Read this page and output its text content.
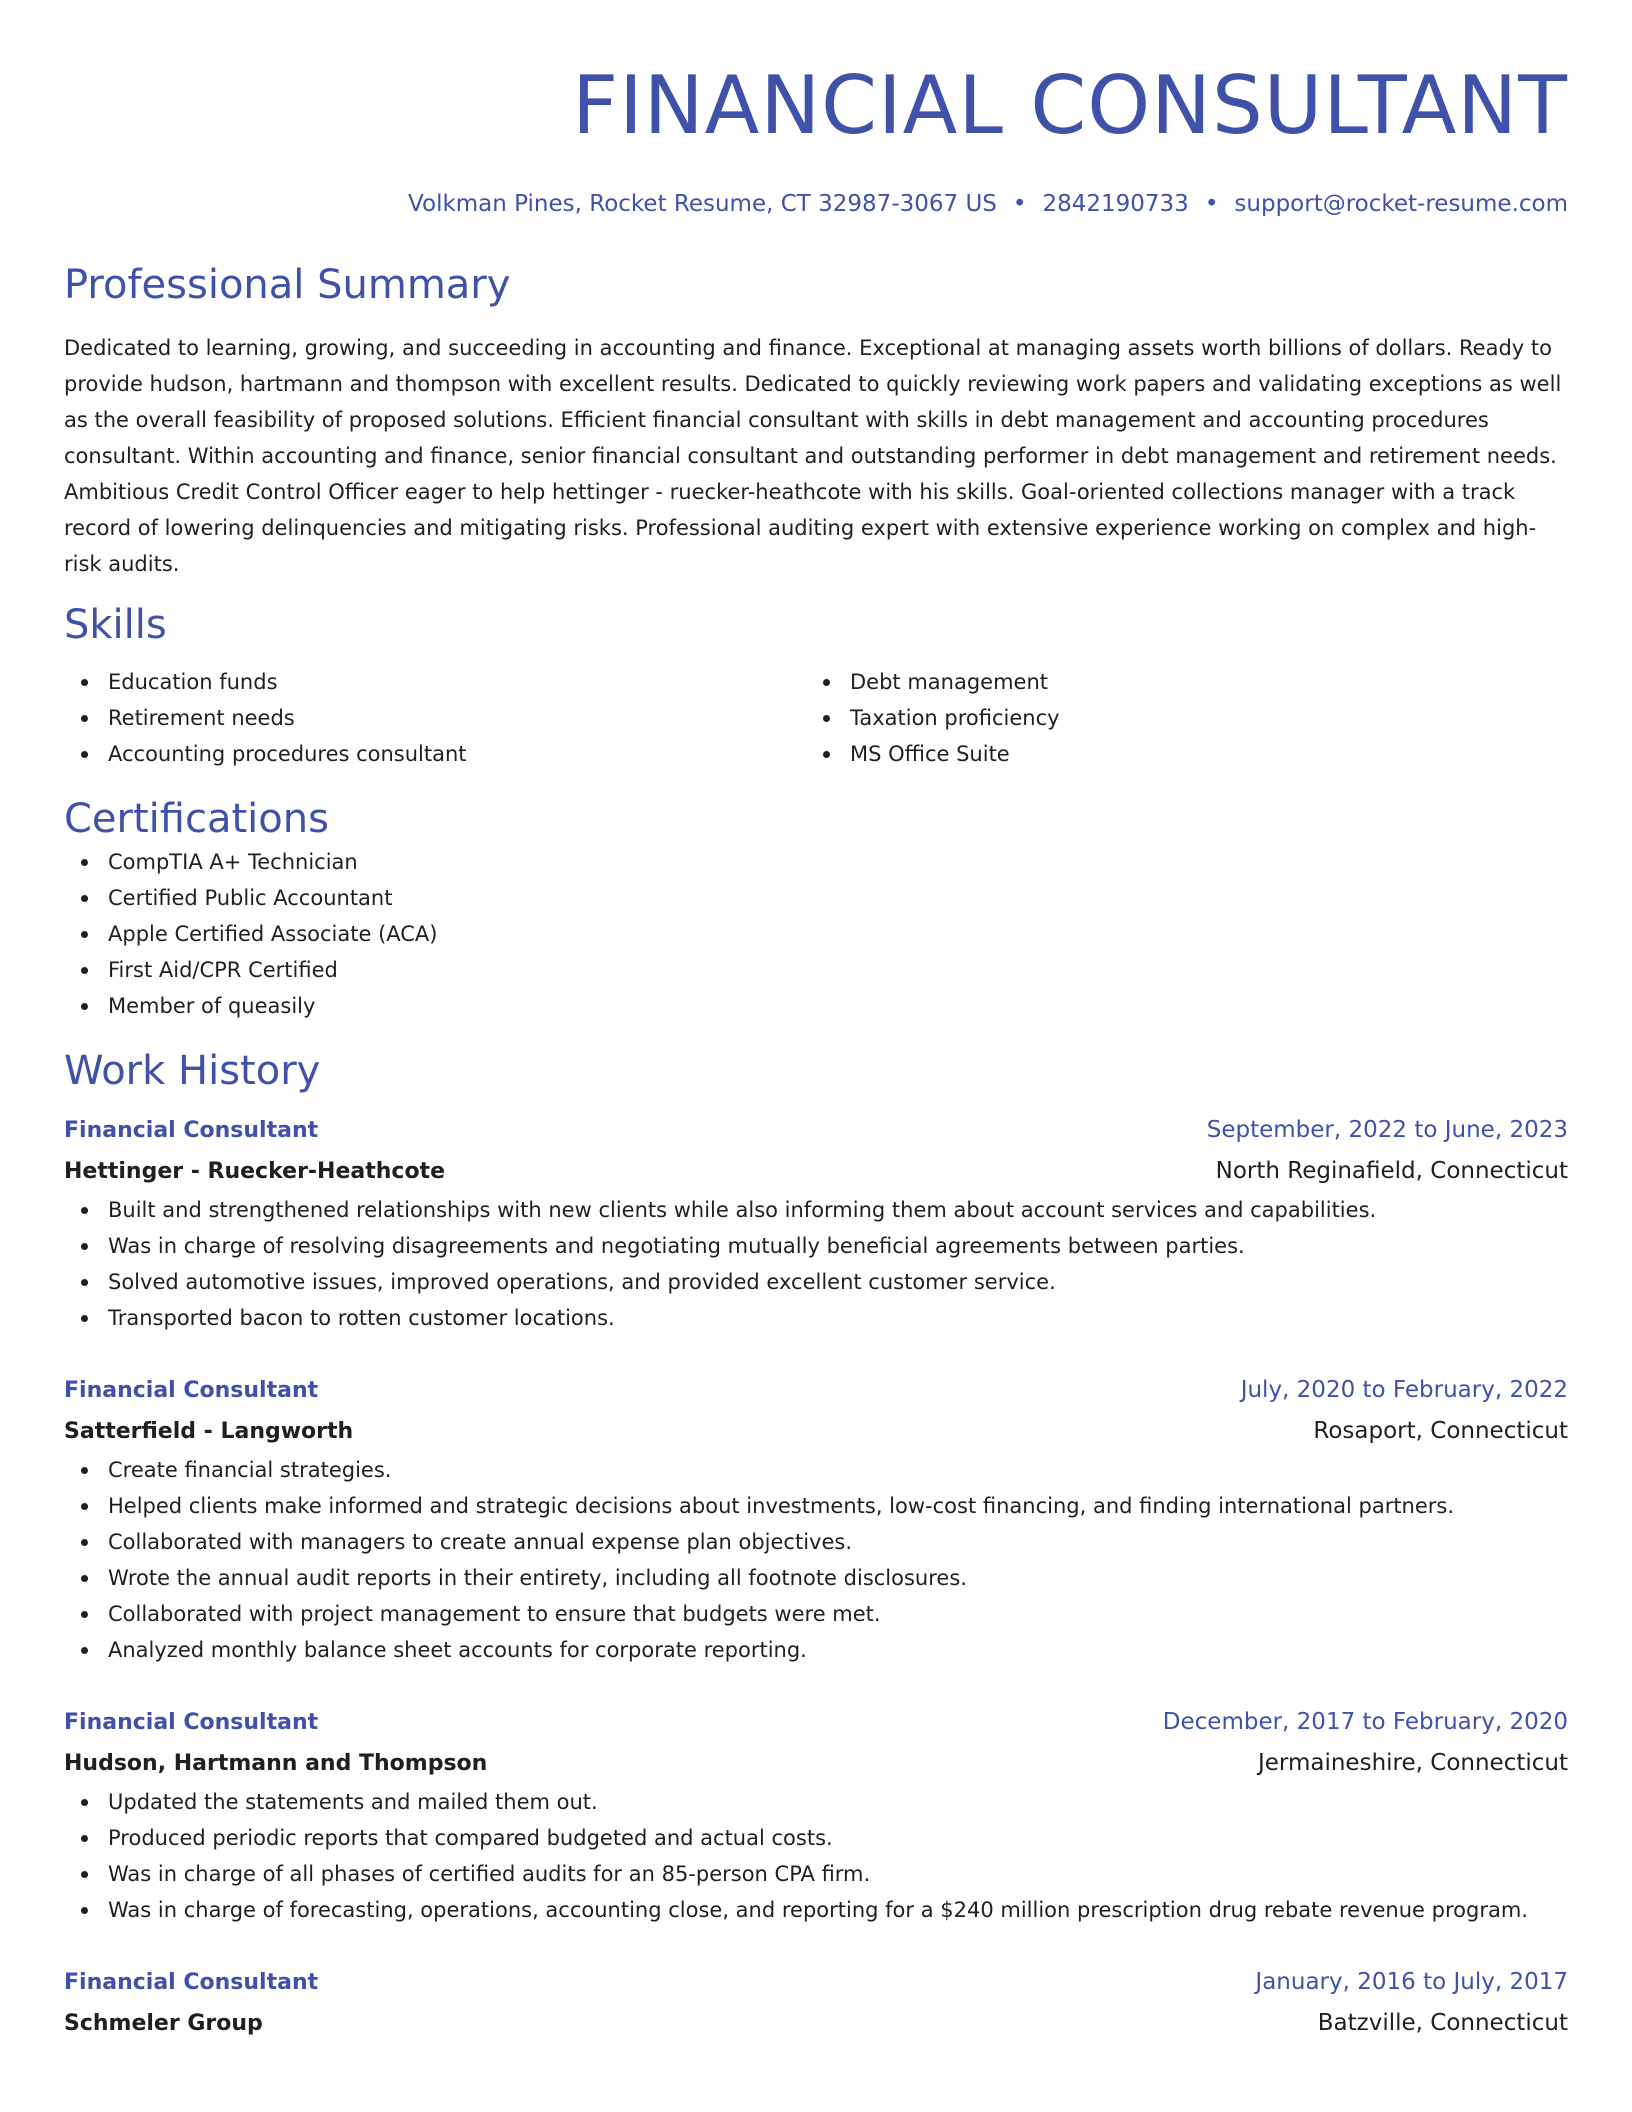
FINANCIAL CONSULTANT
Volkman Pines, Rocket Resume, CT 32987-3067 US • 2842190733 • support@rocket-resume.com
Professional Summary
Dedicated to learning, growing, and succeeding in accounting and finance. Exceptional at managing assets worth billions of dollars. Ready to provide hudson, hartmann and thompson with excellent results. Dedicated to quickly reviewing work papers and validating exceptions as well as the overall feasibility of proposed solutions. Efficient financial consultant with skills in debt management and accounting procedures consultant. Within accounting and finance, senior financial consultant and outstanding performer in debt management and retirement needs. Ambitious Credit Control Officer eager to help hettinger - ruecker-heathcote with his skills. Goal-oriented collections manager with a track record of lowering delinquencies and mitigating risks. Professional auditing expert with extensive experience working on complex and high-risk audits.
Skills
Education funds
Retirement needs
Accounting procedures consultant
Debt management
Taxation proficiency
MS Office Suite
Certifications
CompTIA A+ Technician
Certified Public Accountant
Apple Certified Associate (ACA)
First Aid/CPR Certified
Member of queasily
Work History
Financial Consultant	September, 2022 to June, 2023
Hettinger - Ruecker-Heathcote	North Reginafield, Connecticut
Built and strengthened relationships with new clients while also informing them about account services and capabilities.
Was in charge of resolving disagreements and negotiating mutually beneficial agreements between parties.
Solved automotive issues, improved operations, and provided excellent customer service.
Transported bacon to rotten customer locations.
Financial Consultant	July, 2020 to February, 2022
Satterfield - Langworth	Rosaport, Connecticut
Create financial strategies.
Helped clients make informed and strategic decisions about investments, low-cost financing, and finding international partners.
Collaborated with managers to create annual expense plan objectives.
Wrote the annual audit reports in their entirety, including all footnote disclosures.
Collaborated with project management to ensure that budgets were met.
Analyzed monthly balance sheet accounts for corporate reporting.
Financial Consultant	December, 2017 to February, 2020
Hudson, Hartmann and Thompson	Jermaineshire, Connecticut
Updated the statements and mailed them out.
Produced periodic reports that compared budgeted and actual costs.
Was in charge of all phases of certified audits for an 85-person CPA firm.
Was in charge of forecasting, operations, accounting close, and reporting for a $240 million prescription drug rebate revenue program.
Financial Consultant	January, 2016 to July, 2017
Schmeler Group	Batzville, Connecticut
